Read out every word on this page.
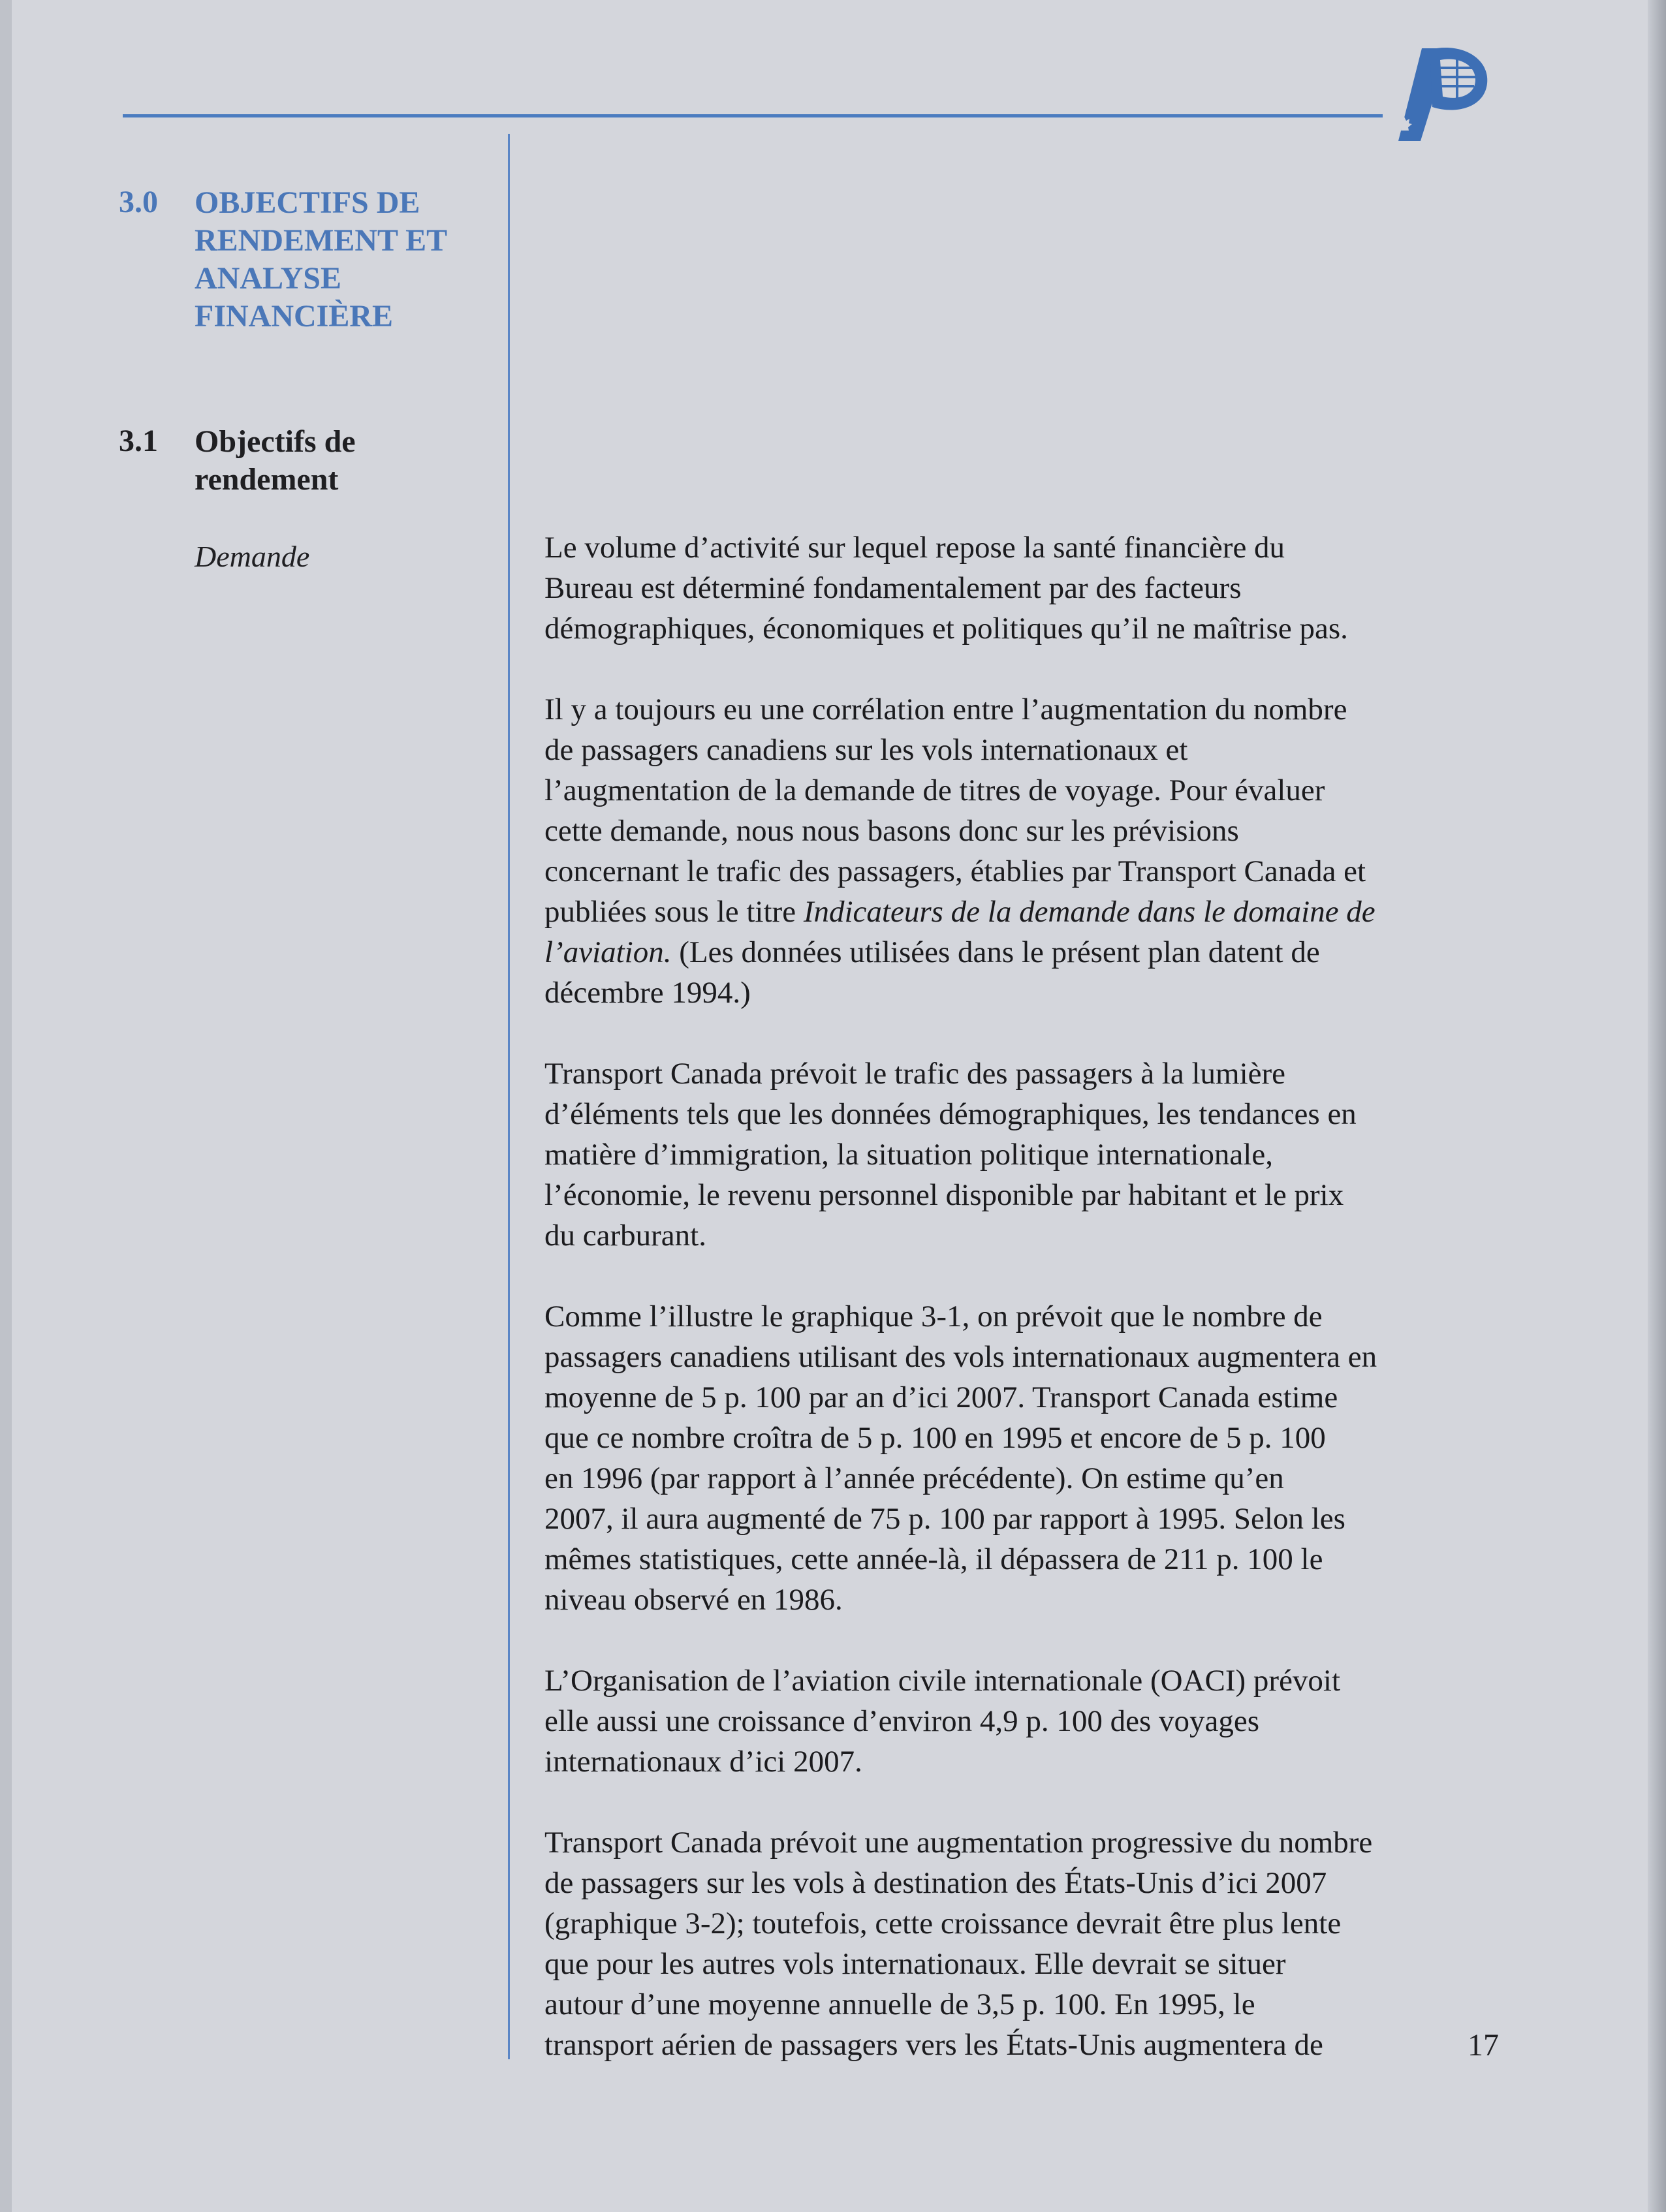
3.0 OBJECTIFS DE
RENDEMENT ET
ANALYSE
FINANCIÈRE
3.1 Objectifs de
rendement
Demande	Le volume d’activité sur lequel repose la santé financière du
Bureau est déterminé fondamentalement par des facteurs
démographiques, économiques et politiques qu’il ne maîtrise pas.

Il y a toujours eu une corrélation entre l’augmentation du nombre
de passagers canadiens sur les vols internationaux et
l’augmentation de la demande de titres de voyage. Pour évaluer
cette demande, nous nous basons donc sur les prévisions
concernant le trafic des passagers, établies par Transport Canada et
publiées sous le titre Indicateurs de la demande dans le domaine de
l’aviation. (Les données utilisées dans le présent plan datent de
décembre 1994.)

Transport Canada prévoit le trafic des passagers à la lumière
d’éléments tels que les données démographiques, les tendances en
matière d’immigration, la situation politique internationale,
l’économie, le revenu personnel disponible par habitant et le prix
du carburant.

Comme l’illustre le graphique 3-1, on prévoit que le nombre de
passagers canadiens utilisant des vols internationaux augmentera en
moyenne de 5 p. 100 par an d’ici 2007. Transport Canada estime
que ce nombre croîtra de 5 p. 100 en 1995 et encore de 5 p. 100
en 1996 (par rapport à l’année précédente). On estime qu’en
2007, il aura augmenté de 75 p. 100 par rapport à 1995. Selon les
mêmes statistiques, cette année-là, il dépassera de 211 p. 100 le
niveau observé en 1986.

L’Organisation de l’aviation civile internationale (OACI) prévoit
elle aussi une croissance d’environ 4,9 p. 100 des voyages
internationaux d’ici 2007.

Transport Canada prévoit une augmentation progressive du nombre
de passagers sur les vols à destination des États-Unis d’ici 2007
(graphique 3-2); toutefois, cette croissance devrait être plus lente
que pour les autres vols internationaux. Elle devrait se situer
autour d’une moyenne annuelle de 3,5 p. 100. En 1995, le
transport aérien de passagers vers les États-Unis augmentera de	17
